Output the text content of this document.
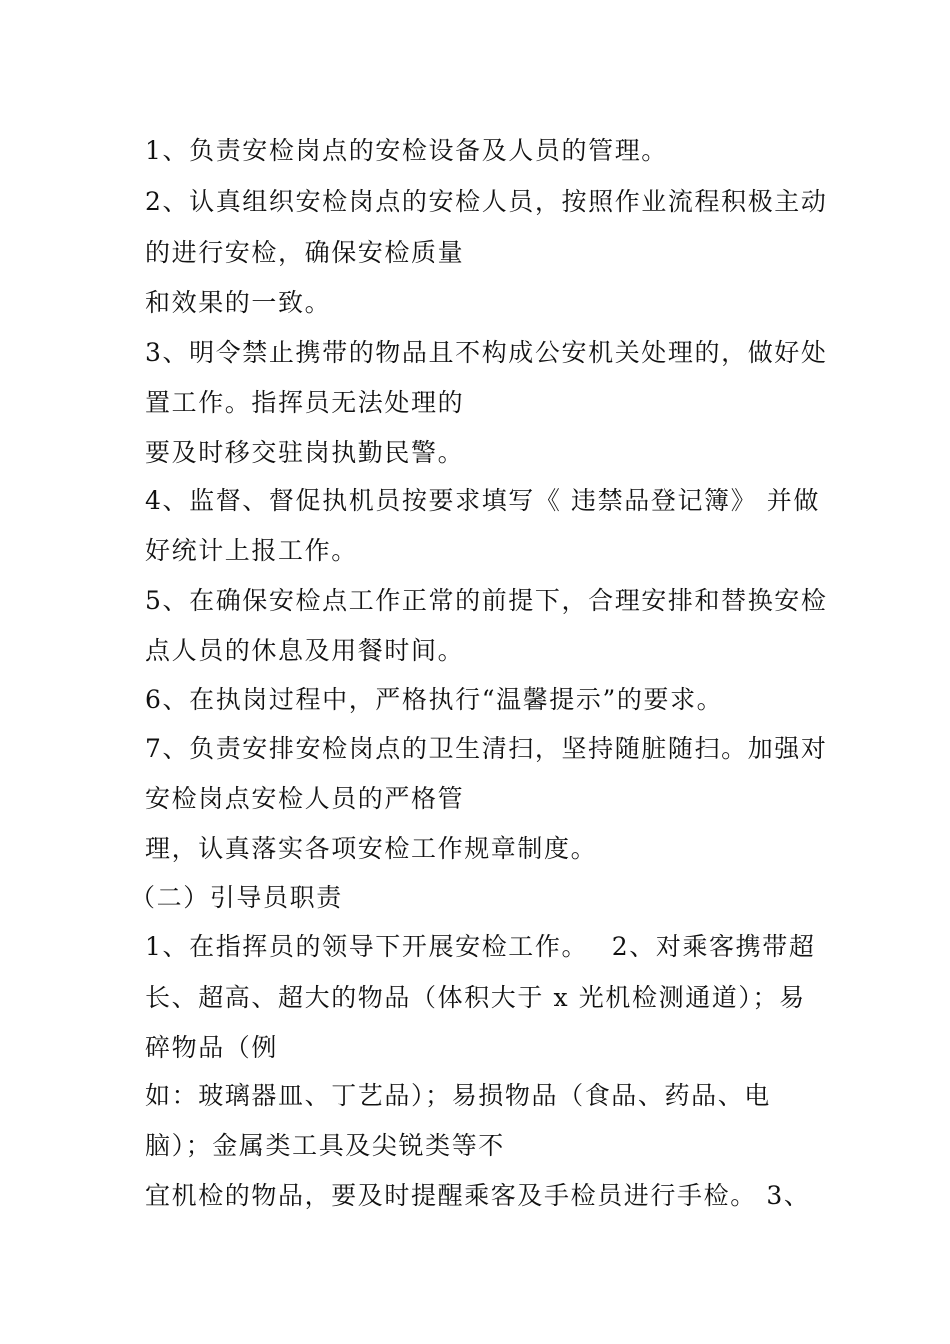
1、负责安检岗点的安检设备及人员的管理。
2、认真组织安检岗点的安检人员，按照作业流程积极主动
的进行安检，确保安检质量
和效果的一致。
3、明令禁止携带的物品且不构成公安机关处理的，做好处
置工作。指挥员无法处理的
要及时移交驻岗执勤民警。
4、监督、督促执机员按要求填写《 违禁品登记簿》 并做
好统计上报工作。
5、在确保安检点工作正常的前提下，合理安排和替换安检
点人员的休息及用餐时间。
6、在执岗过程中，严格执行“温馨提示”的要求。
7、负责安排安检岗点的卫生清扫，坚持随脏随扫。加强对
安检岗点安检人员的严格管
理，认真落实各项安检工作规章制度。
（二）引导员职责
1、在指挥员的领导下开展安检工作。　 2、对乘客携带超
长、超高、超大的物品（体积大于 x 光机检测通道）；易
碎物品（例
如：玻璃器皿、丁艺品）；易损物品（食品、药品、电
脑）；金属类工具及尖锐类等不
宜机检的物品，要及时提醒乘客及手检员进行手检。 3、
